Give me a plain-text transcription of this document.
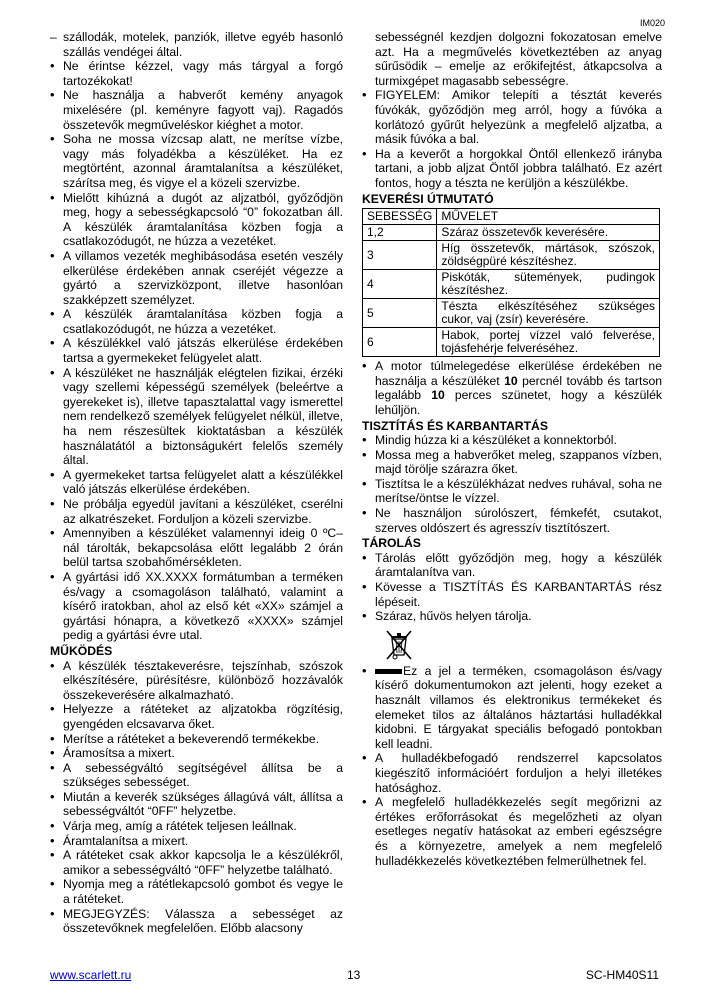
IM020
–
szállodák, motelek, panziók, illetve egyéb hasonló szállás vendégei által.
•
Ne érintse kézzel, vagy más tárgyal a forgó tartozékokat!
•
Ne használja a habverőt kemény anyagok mixelésére (pl. keményre fagyott vaj). Ragadós összetevők megműveléskor kiéghet a motor.
•
Soha ne mossa vízcsap alatt, ne merítse vízbe, vagy más folyadékba a készüléket. Ha ez megtörtént, azonnal áramtalanítsa a készüléket, szárítsa meg, és vigye el a közeli szervizbe.
•
Mielőtt kihúzná a dugót az aljzatból, győződjön meg, hogy a sebességkapcsoló “0” fokozatban áll. A készülék áramtalanítása közben fogja a csatlakozódugót, ne húzza a vezetéket.
•
A villamos vezeték meghibásodása esetén veszély elkerülése érdekében annak cseréjét végezze a gyártó a szervizközpont, illetve hasonlóan szakképzett személyzet.
•
A készülék áramtalanítása közben fogja a csatlakozódugót, ne húzza a vezetéket.
•
A készülékkel való játszás elkerülése érdekében tartsa a gyermekeket felügyelet alatt.
•
A készüléket ne használják elégtelen fizikai, érzéki vagy szellemi képességű személyek (beleértve a gyerekeket is), illetve tapasztalattal vagy ismerettel nem rendelkező személyek felügyelet nélkül, illetve, ha nem részesültek kioktatásban a készülék használatától a biztonságukért felelős személy által.
•
A gyermekeket tartsa felügyelet alatt a készülékkel való játszás elkerülése érdekében.
•
Ne próbálja egyedül javítani a készüléket, cserélni az alkatrészeket. Forduljon a közeli szervizbe.
•
Amennyiben a készüléket valamennyi ideig 0 ºC–nál tárolták, bekapcsolása előtt legalább 2 órán belül tartsa szobahőmérsékleten.
•
A gyártási idő XX.XXXX formátumban a terméken és/vagy a csomagoláson található, valamint a kísérő iratokban, ahol az első két «XX» számjel a gyártási hónapra, a következő «XXXX» számjel pedig a gyártási évre utal.
MŰKÖDÉS
•
A készülék tésztakeverésre, tejszínhab, szószok elkészítésére, pürésítésre, különböző hozzávalók összekeverésére alkalmazható.
•
Helyezze a rátéteket az aljzatokba rögzítésig, gyengéden elcsavarva őket.
•
Merítse a rátéteket a bekeverendő termékekbe.
•
Áramosítsa a mixert.
•
A sebességváltó segítségével állítsa be a szükséges sebességet.
•
Miután a keverék szükséges állagúvá vált, állítsa a sebességváltót “0FF” helyzetbe.
•
Várja meg, amíg a rátétek teljesen leállnak.
•
Áramtalanítsa a mixert.
•
A rátéteket csak akkor kapcsolja le a készülékről, amikor a sebességváltó “0FF” helyzetbe található.
•
Nyomja meg a rátétlekapcsoló gombot és vegye le a rátéteket.
•
MEGJEGYZÉS: Válassza a sebességet az összetevőknek megfelelően. Előbb alacsony
sebességnél kezdjen dolgozni fokozatosan emelve azt. Ha a megművelés következtében az anyag sűrűsödik – emelje az erőkifejtést, átkapcsolva a turmixgépet magasabb sebességre.
•
FIGYELEM: Amikor telepíti a tésztát keverés fúvókák, győződjön meg arról, hogy a fúvóka a korlátozó gyűrűt helyezünk a megfelelő aljzatba, a másik fúvóka a bal.
•
Ha a keverőt a horgokkal Öntől ellenkező irányba tartani, a jobb aljzat Öntől jobbra található. Ez azért fontos, hogy a tészta ne kerüljön a készülékbe.
KEVERÉSI ÚTMUTATÓ
SEBESSÉG	MŰVELET
1,2	Száraz összetevők keverésére.
3	Híg összetevők, mártások, szószok, zöldségpüré készítéshez.
4	Piskóták, sütemények, pudingok készítéshez.
5	Tészta elkészítéséhez szükséges cukor, vaj (zsír) keverésére.
6	Habok, portej vízzel való felverése, tojásfehérje felveréséhez.
•
A motor túlmelegedése elkerülése érdekében ne használja a készüléket 10 percnél tovább és tartson legalább 10 perces szünetet, hogy a készülék lehűljön.
TISZTÍTÁS ÉS KARBANTARTÁS
•
Mindig húzza ki a készüléket a konnektorból.
•
Mossa meg a habverőket meleg, szappanos vízben, majd törölje szárazra őket.
•
Tisztítsa le a készülékházat nedves ruhával, soha ne merítse/öntse le vízzel.
•
Ne használjon súrolószert, fémkefét, csutakot, szerves oldószert és agresszív tisztítószert.
TÁROLÁS
•
Tárolás előtt győződjön meg, hogy a készülék áramtalanítva van.
•
Kövesse a TISZTÍTÁS ÉS KARBANTARTÁS rész lépéseit.
•
Száraz, hűvös helyen tárolja.
•
Ez a jel a terméken, csomagoláson és/vagy kísérő dokumentumokon azt jelenti, hogy ezeket a használt villamos és elektronikus termékeket és elemeket tilos az általános háztartási hulladékkal kidobni. E tárgyakat speciális befogadó pontokban kell leadni.
•
A hulladékbefogadó rendszerrel kapcsolatos kiegészítő információért forduljon a helyi illetékes hatósághoz.
•
A megfelelő hulladékkezelés segít megőrizni az értékes erőforrásokat és megelőzheti az olyan esetleges negatív hatásokat az emberi egészségre és a környezetre, amelyek a nem megfelelő hulladékkezelés következtében felmerülhetnek fel.
www.scarlett.ru	13	SC-HM40S11
